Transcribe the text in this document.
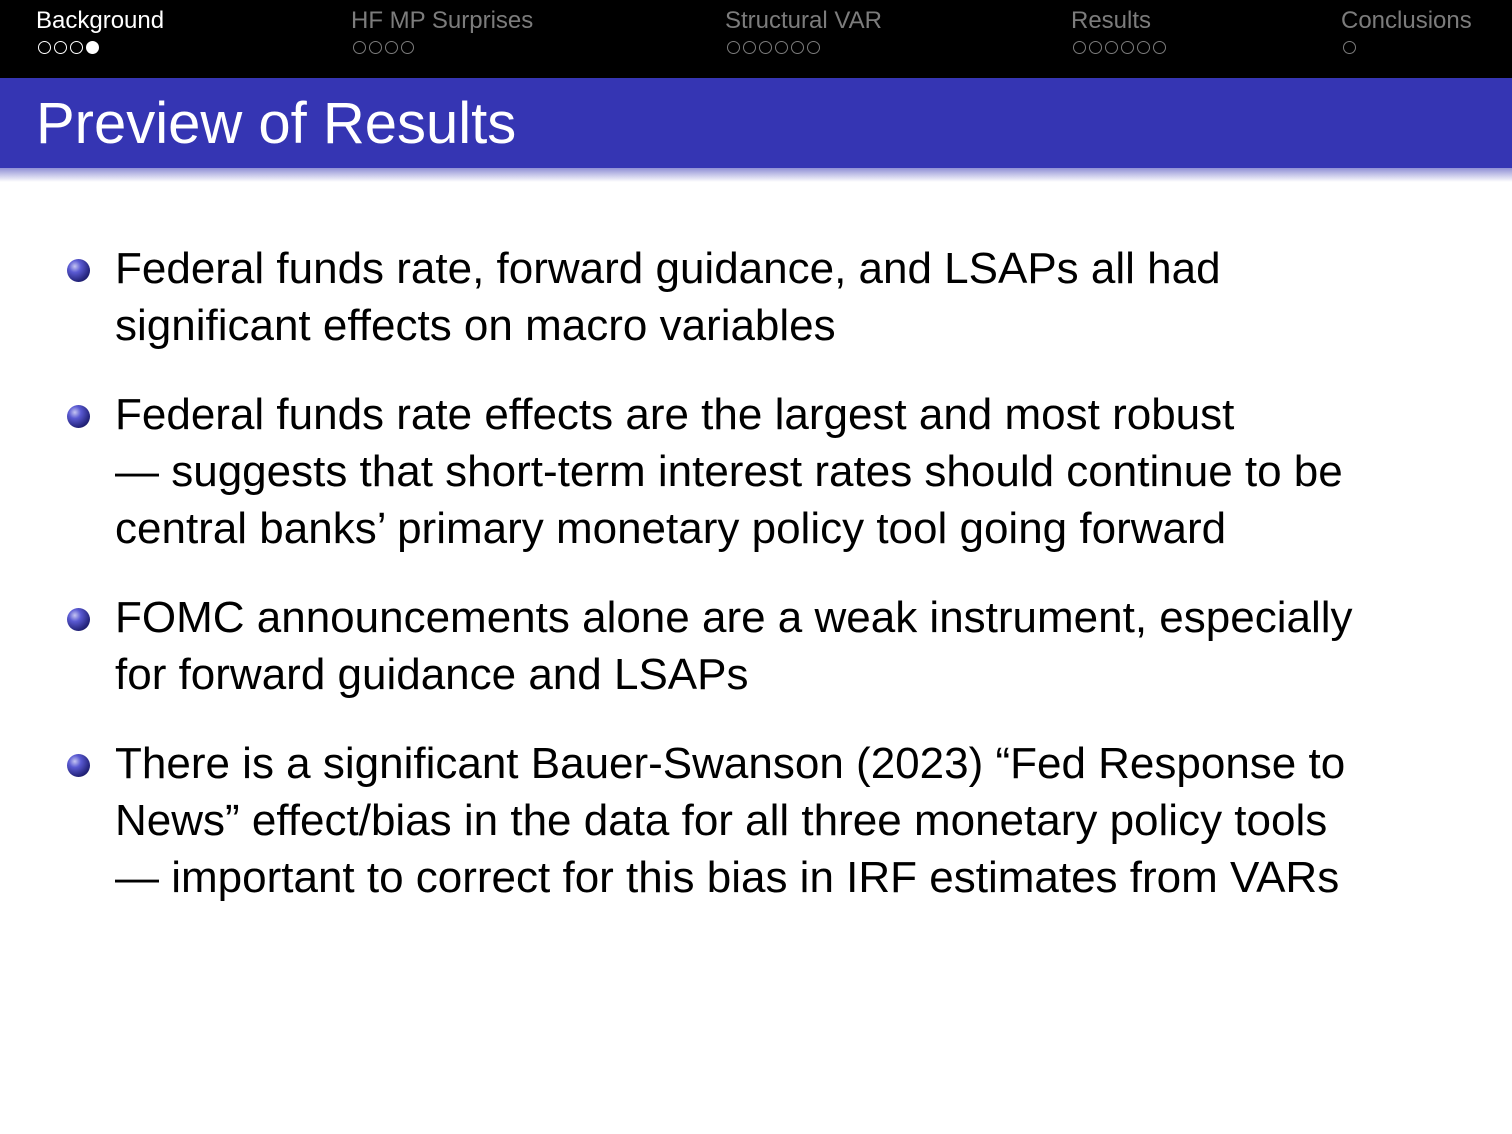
Background	HF MP Surprises	Structural VAR	Results	Conclusions
Preview of Results
Federal funds rate, forward guidance, and LSAPs all had
significant effects on macro variables
Federal funds rate effects are the largest and most robust
— suggests that short-term interest rates should continue to be
central banks’ primary monetary policy tool going forward
FOMC announcements alone are a weak instrument, especially
for forward guidance and LSAPs
There is a significant Bauer-Swanson (2023) “Fed Response to
News” effect/bias in the data for all three monetary policy tools
— important to correct for this bias in IRF estimates from VARs
